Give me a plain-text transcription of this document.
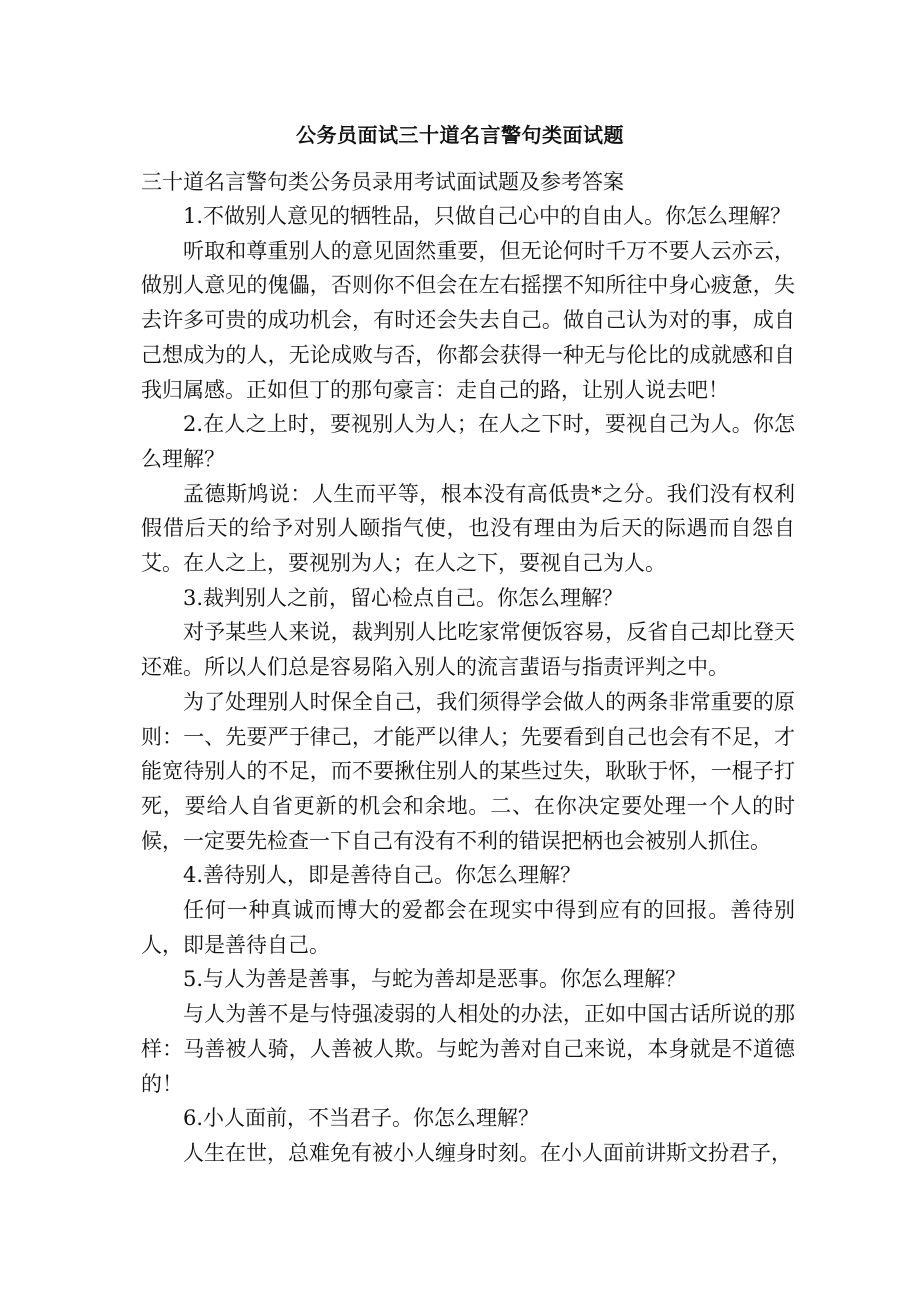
公务员面试三十道名言警句类面试题
三十道名言警句类公务员录用考试面试题及参考答案

1.不做别人意见的牺牲品，只做自己心中的自由人。你怎么理解？

听取和尊重别人的意见固然重要，但无论何时千万不要人云亦云，做别人意见的傀儡，否则你不但会在左右摇摆不知所往中身心疲惫，失去许多可贵的成功机会，有时还会失去自己。做自己认为对的事，成自己想成为的人，无论成败与否，你都会获得一种无与伦比的成就感和自我归属感。正如但丁的那句豪言：走自己的路，让别人说去吧！

2.在人之上时，要视别人为人；在人之下时，要视自己为人。你怎么理解？

孟德斯鸠说：人生而平等，根本没有高低贵*之分。我们没有权利假借后天的给予对别人颐指气使，也没有理由为后天的际遇而自怨自艾。在人之上，要视别为人；在人之下，要视自己为人。

3.裁判别人之前，留心检点自己。你怎么理解？

对予某些人来说，裁判别人比吃家常便饭容易，反省自己却比登天还难。所以人们总是容易陷入别人的流言蜚语与指责评判之中。

为了处理别人时保全自己，我们须得学会做人的两条非常重要的原则：一、先要严于律己，才能严以律人；先要看到自己也会有不足，才能宽待别人的不足，而不要揪住别人的某些过失，耿耿于怀，一棍子打死，要给人自省更新的机会和余地。二、在你决定要处理一个人的时候，一定要先检查一下自己有没有不利的错误把柄也会被别人抓住。

4.善待别人，即是善待自己。你怎么理解？

任何一种真诚而博大的爱都会在现实中得到应有的回报。善待别人，即是善待自己。

5.与人为善是善事，与蛇为善却是恶事。你怎么理解？

与人为善不是与恃强凌弱的人相处的办法，正如中国古话所说的那样：马善被人骑，人善被人欺。与蛇为善对自己来说，本身就是不道德的！

6.小人面前，不当君子。你怎么理解？

人生在世，总难免有被小人缠身时刻。在小人面前讲斯文扮君子，
